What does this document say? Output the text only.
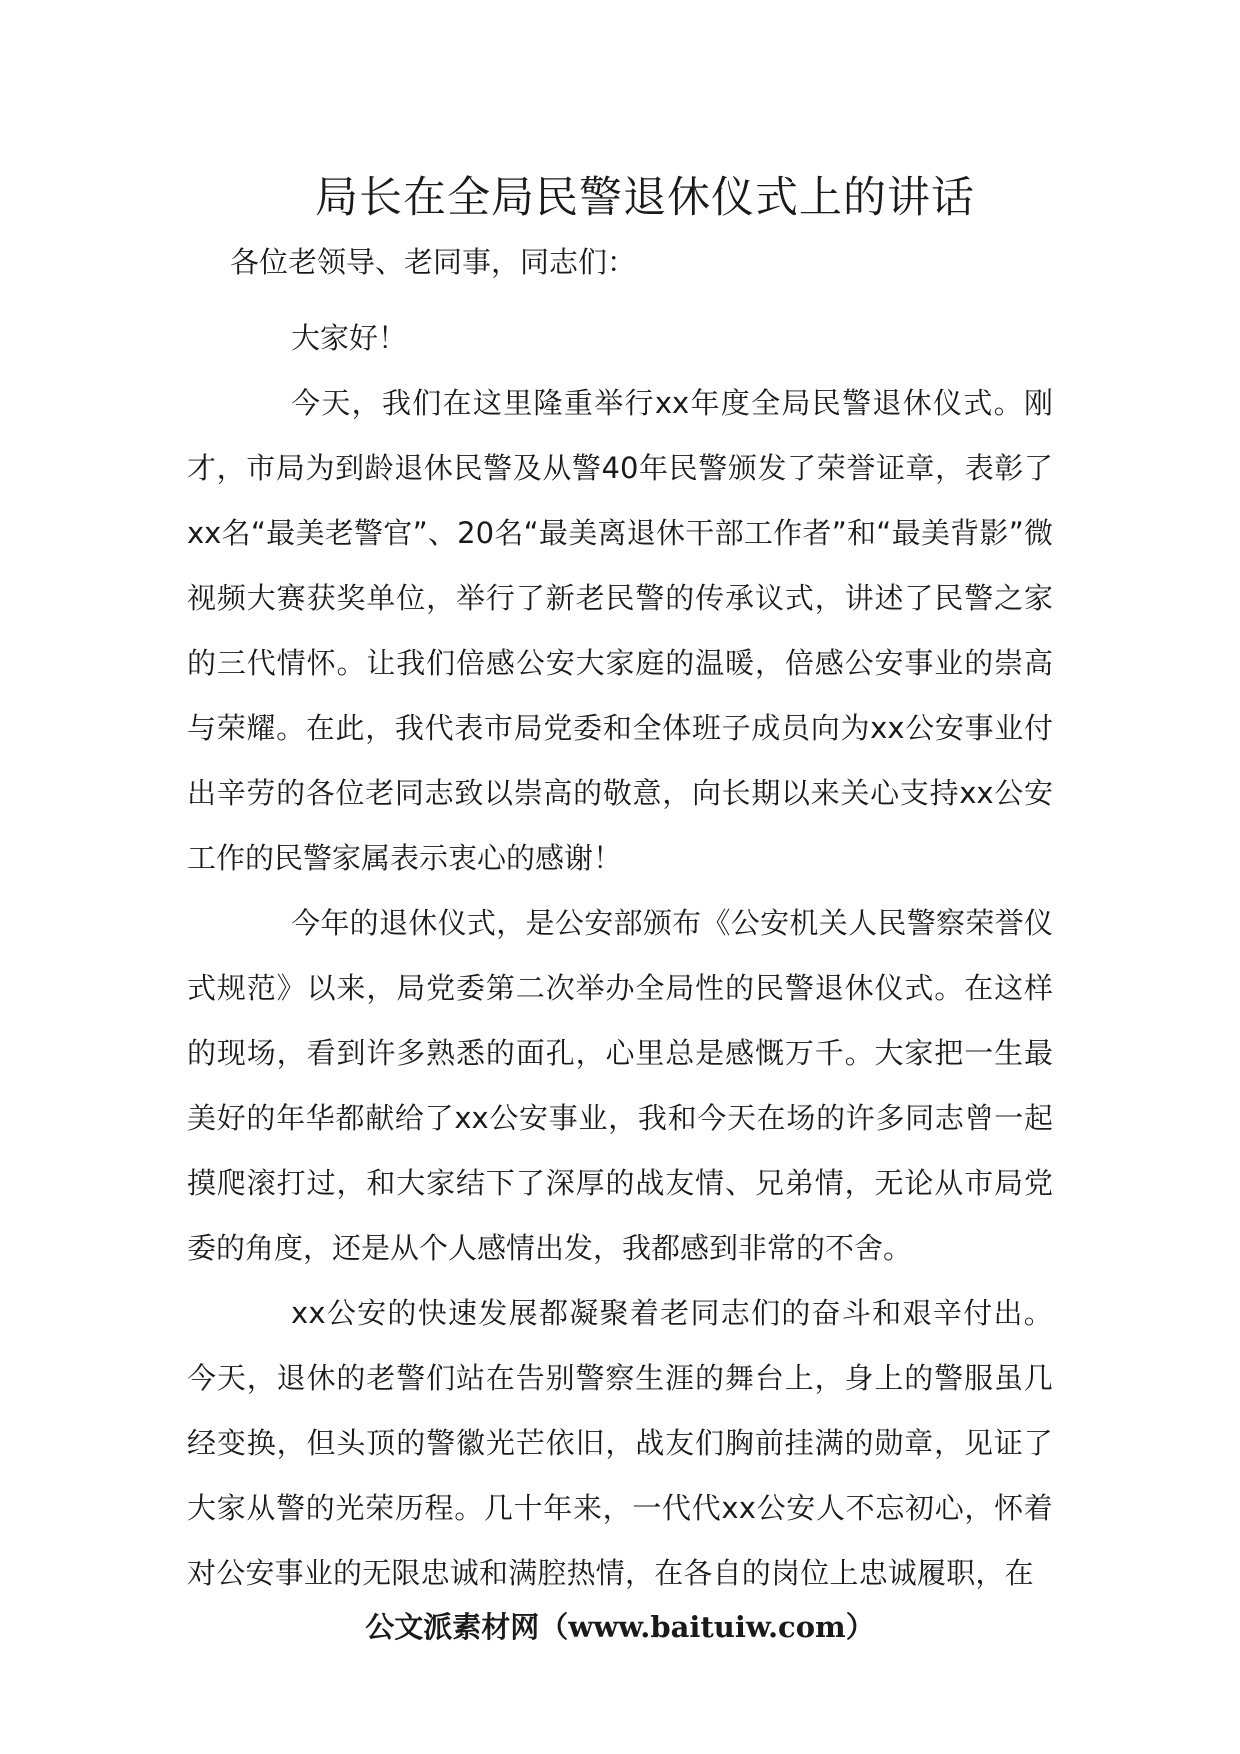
局长在全局民警退休仪式上的讲话

各位老领导、老同事，同志们：

大家好！

今天，我们在这里隆重举行xx年度全局民警退休仪式。刚才，市局为到龄退休民警及从警40年民警颁发了荣誉证章，表彰了xx名“最美老警官”、20名“最美离退休干部工作者”和“最美背影”微视频大赛获奖单位，举行了新老民警的传承议式，讲述了民警之家的三代情怀。让我们倍感公安大家庭的温暖，倍感公安事业的崇高与荣耀。在此，我代表市局党委和全体班子成员向为xx公安事业付出辛劳的各位老同志致以崇高的敬意，向长期以来关心支持xx公安工作的民警家属表示衷心的感谢！

今年的退休仪式，是公安部颁布《公安机关人民警察荣誉仪式规范》以来，局党委第二次举办全局性的民警退休仪式。在这样的现场，看到许多熟悉的面孔，心里总是感慨万千。大家把一生最美好的年华都献给了xx公安事业，我和今天在场的许多同志曾一起摸爬滚打过，和大家结下了深厚的战友情、兄弟情，无论从市局党委的角度，还是从个人感情出发，我都感到非常的不舍。

xx公安的快速发展都凝聚着老同志们的奋斗和艰辛付出。今天，退休的老警们站在告别警察生涯的舞台上，身上的警服虽几经变换，但头顶的警徽光芒依旧，战友们胸前挂满的勋章，见证了大家从警的光荣历程。几十年来，一代代xx公安人不忘初心，怀着对公安事业的无限忠诚和满腔热情，在各自的岗位上忠诚履职，在

公文派素材网（www.baituiw.com）
